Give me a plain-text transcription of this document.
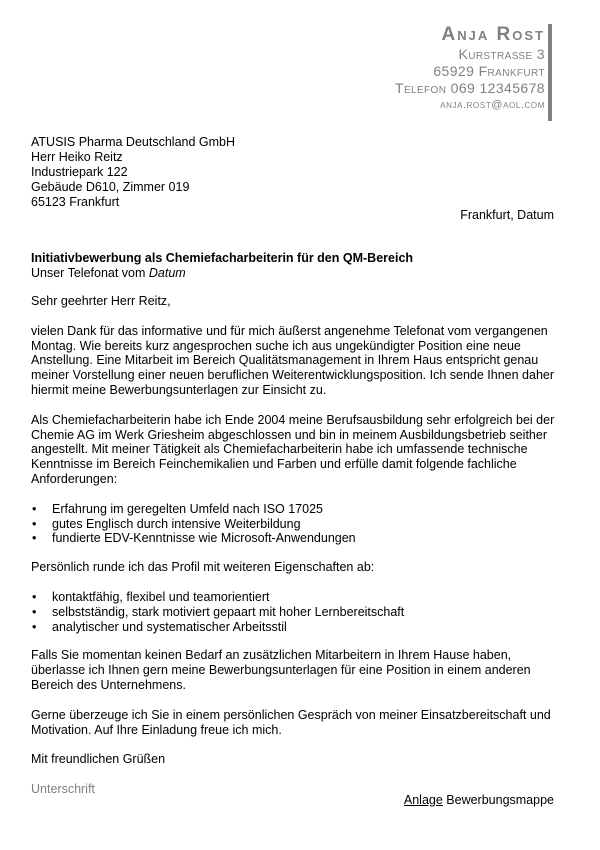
Anja Rost
Kurstraße 3
65929 Frankfurt
Telefon 069 12345678
anja.rost@aol.com
ATUSIS Pharma Deutschland GmbH
Herr Heiko Reitz
Industriepark 122
Gebäude D610, Zimmer 019
65123 Frankfurt
Frankfurt, Datum
Initiativbewerbung als Chemiefacharbeiterin für den QM-Bereich
Unser Telefonat vom Datum

Sehr geehrter Herr Reitz,

vielen Dank für das informative und für mich äußerst angenehme Telefonat vom vergangenen Montag. Wie bereits kurz angesprochen suche ich aus ungekündigter Position eine neue Anstellung. Eine Mitarbeit im Bereich Qualitätsmanagement in Ihrem Haus entspricht genau meiner Vorstellung einer neuen beruflichen Weiterentwicklungsposition. Ich sende Ihnen daher hiermit meine Bewerbungsunterlagen zur Einsicht zu.

Als Chemiefacharbeiterin habe ich Ende 2004 meine Berufsausbildung sehr erfolgreich bei der Chemie AG im Werk Griesheim abgeschlossen und bin in meinem Ausbildungsbetrieb seither angestellt. Mit meiner Tätigkeit als Chemiefacharbeiterin habe ich umfassende technische Kenntnisse im Bereich Feinchemikalien und Farben und erfülle damit folgende fachliche Anforderungen:

• Erfahrung im geregelten Umfeld nach ISO 17025
• gutes Englisch durch intensive Weiterbildung
• fundierte EDV-Kenntnisse wie Microsoft-Anwendungen

Persönlich runde ich das Profil mit weiteren Eigenschaften ab:

• kontaktfähig, flexibel und teamorientiert
• selbstständig, stark motiviert gepaart mit hoher Lernbereitschaft
• analytischer und systematischer Arbeitsstil

Falls Sie momentan keinen Bedarf an zusätzlichen Mitarbeitern in Ihrem Hause haben, überlasse ich Ihnen gern meine Bewerbungsunterlagen für eine Position in einem anderen Bereich des Unternehmens.

Gerne überzeuge ich Sie in einem persönlichen Gespräch von meiner Einsatzbereitschaft und Motivation. Auf Ihre Einladung freue ich mich.

Mit freundlichen Grüßen

Unterschrift
Anlage Bewerbungsmappe
